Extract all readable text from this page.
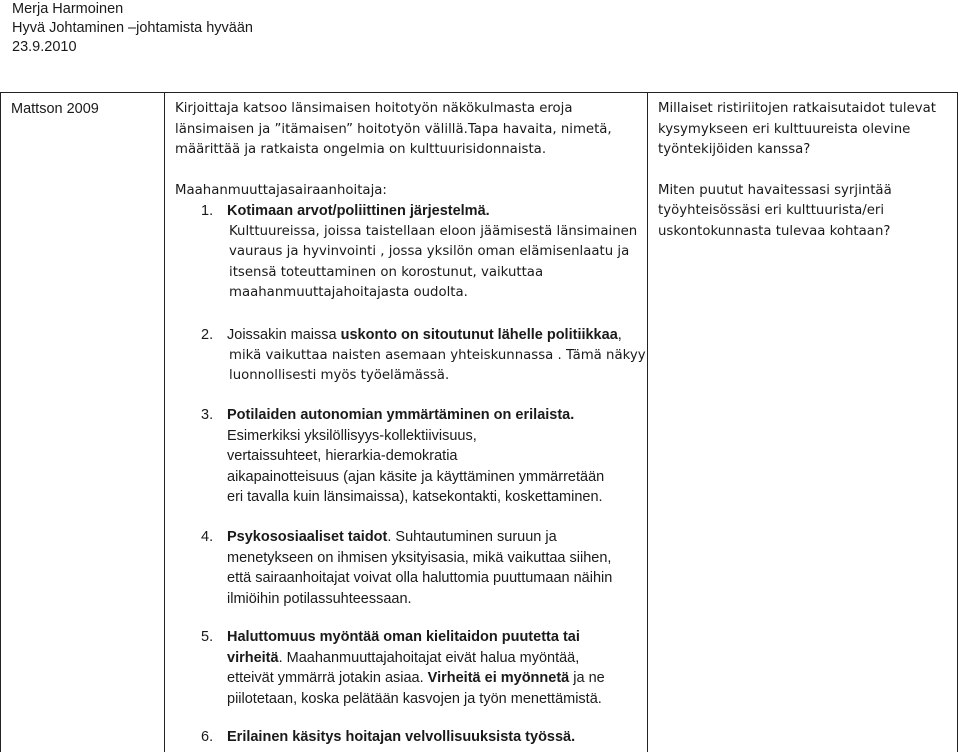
Merja Harmoinen
Hyvä Johtaminen –johtamista hyvään
23.9.2010
Mattson 2009	Kirjoittaja katsoo länsimaisen hoitotyön näkökulmasta eroja
länsimaisen ja ”itämaisen” hoitotyön välillä.Tapa havaita, nimetä,
määrittää ja ratkaista ongelmia on kulttuurisidonnaista.
Maahanmuuttajasairaanhoitaja:
1. Kotimaan arvot/poliittinen järjestelmä.
Kulttuureissa, joissa taistellaan eloon jäämisestä länsimainen
vauraus ja hyvinvointi , jossa yksilön oman elämisenlaatu ja
itsensä toteuttaminen on korostunut, vaikuttaa
maahanmuuttajahoitajasta oudolta.
2. Joissakin maissa uskonto on sitoutunut lähelle politiikkaa,
mikä vaikuttaa naisten asemaan yhteiskunnassa . Tämä näkyy
luonnollisesti myös työelämässä.
3. Potilaiden autonomian ymmärtäminen on erilaista.
Esimerkiksi yksilöllisyys-kollektiivisuus,
vertaissuhteet, hierarkia-demokratia
aikapainotteisuus (ajan käsite ja käyttäminen ymmärretään
eri tavalla kuin länsimaissa), katsekontakti, koskettaminen.
4. Psykososiaaliset taidot. Suhtautuminen suruun ja
menetykseen on ihmisen yksityisasia, mikä vaikuttaa siihen,
että sairaanhoitajat voivat olla haluttomia puuttumaan näihin
ilmiöihin potilassuhteessaan.
5. Haluttomuus myöntää oman kielitaidon puutetta tai
virheitä. Maahanmuuttajahoitajat eivät halua myöntää,
etteivät ymmärrä jotakin asiaa. Virheitä ei myönnetä ja ne
piilotetaan, koska pelätään kasvojen ja työn menettämistä.
6. Erilainen käsitys hoitajan velvollisuuksista työssä.
Millaiset ristiriitojen ratkaisutaidot tulevat
kysymykseen eri kulttuureista olevine
työntekijöiden kanssa?
Miten puutut havaitessasi syrjintää
työyhteisössäsi eri kulttuurista/eri
uskontokunnasta tulevaa kohtaan?
